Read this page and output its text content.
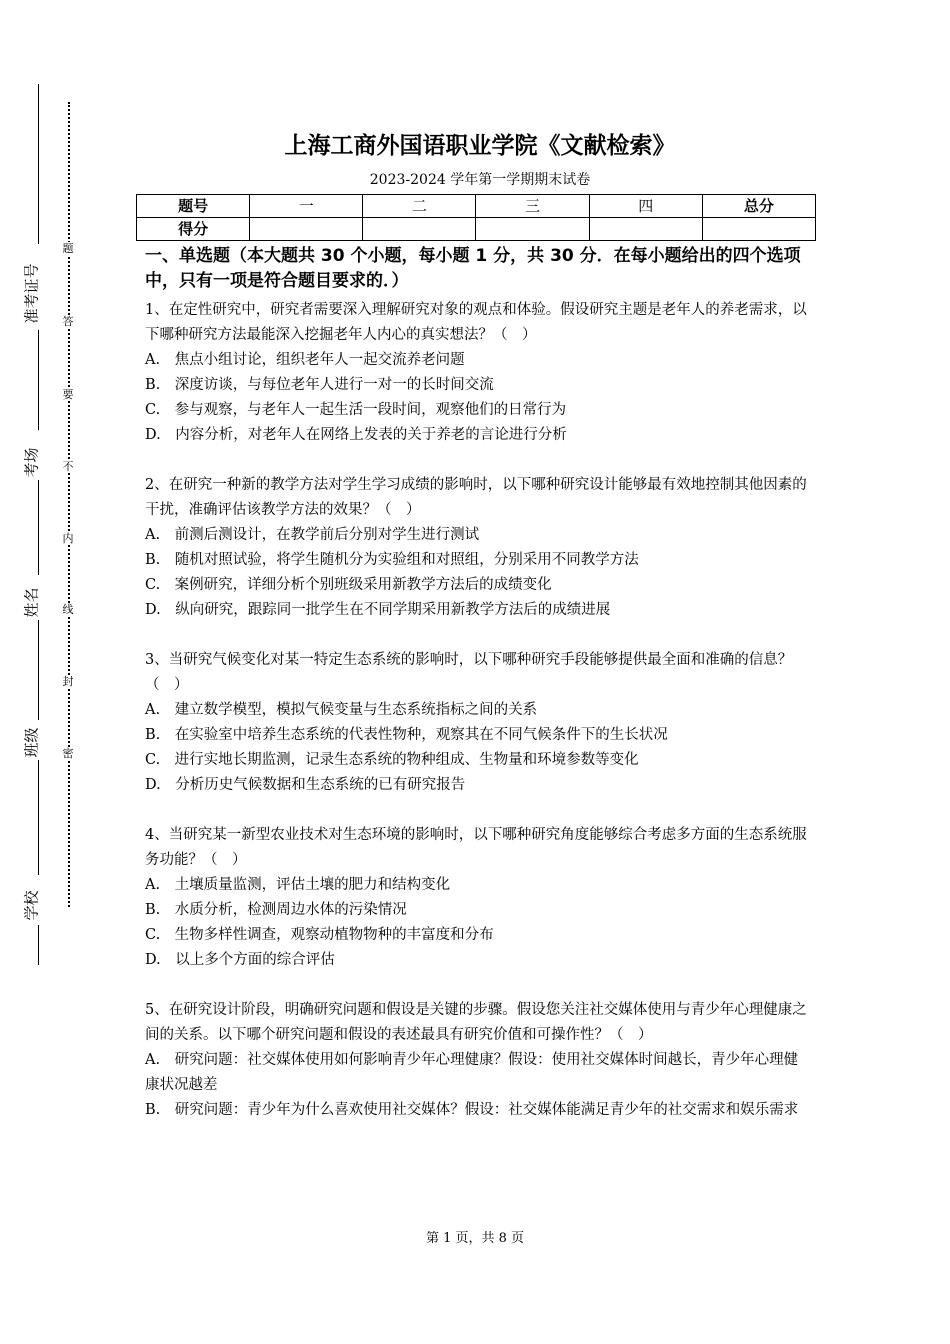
准考证号
考场
姓名
班级
学校
题
答
要
不
内
线
封
密
上海工商外国语职业学院《文献检索》
2023-2024 学年第一学期期末试卷
题号	一	二	三	四	总分
得分					

一、单选题（本大题共 30 个小题，每小题 1 分，共 30 分．在每小题给出的四个选项中，只有一项是符合题目要求的．）

1、在定性研究中，研究者需要深入理解研究对象的观点和体验。假设研究主题是老年人的养老需求，以下哪种研究方法最能深入挖掘老年人内心的真实想法？（　）

A.　焦点小组讨论，组织老年人一起交流养老问题

B.　深度访谈，与每位老年人进行一对一的长时间交流

C.　参与观察，与老年人一起生活一段时间，观察他们的日常行为

D.　内容分析，对老年人在网络上发表的关于养老的言论进行分析

2、在研究一种新的教学方法对学生学习成绩的影响时，以下哪种研究设计能够最有效地控制其他因素的干扰，准确评估该教学方法的效果？（　）

A.　前测后测设计，在教学前后分别对学生进行测试

B.　随机对照试验，将学生随机分为实验组和对照组，分别采用不同教学方法

C.　案例研究，详细分析个别班级采用新教学方法后的成绩变化

D.　纵向研究，跟踪同一批学生在不同学期采用新教学方法后的成绩进展

3、当研究气候变化对某一特定生态系统的影响时，以下哪种研究手段能够提供最全面和准确的信息？（　）

A.　建立数学模型，模拟气候变量与生态系统指标之间的关系

B.　在实验室中培养生态系统的代表性物种，观察其在不同气候条件下的生长状况

C.　进行实地长期监测，记录生态系统的物种组成、生物量和环境参数等变化

D.　分析历史气候数据和生态系统的已有研究报告

4、当研究某一新型农业技术对生态环境的影响时，以下哪种研究角度能够综合考虑多方面的生态系统服务功能？（　）

A.　土壤质量监测，评估土壤的肥力和结构变化

B.　水质分析，检测周边水体的污染情况

C.　生物多样性调查，观察动植物物种的丰富度和分布

D.　以上多个方面的综合评估

5、在研究设计阶段，明确研究问题和假设是关键的步骤。假设您关注社交媒体使用与青少年心理健康之间的关系。以下哪个研究问题和假设的表述最具有研究价值和可操作性？（　）

A.　研究问题：社交媒体使用如何影响青少年心理健康？假设：使用社交媒体时间越长，青少年心理健康状况越差

B.　研究问题：青少年为什么喜欢使用社交媒体？假设：社交媒体能满足青少年的社交需求和娱乐需求

第 1 页，共 8 页
